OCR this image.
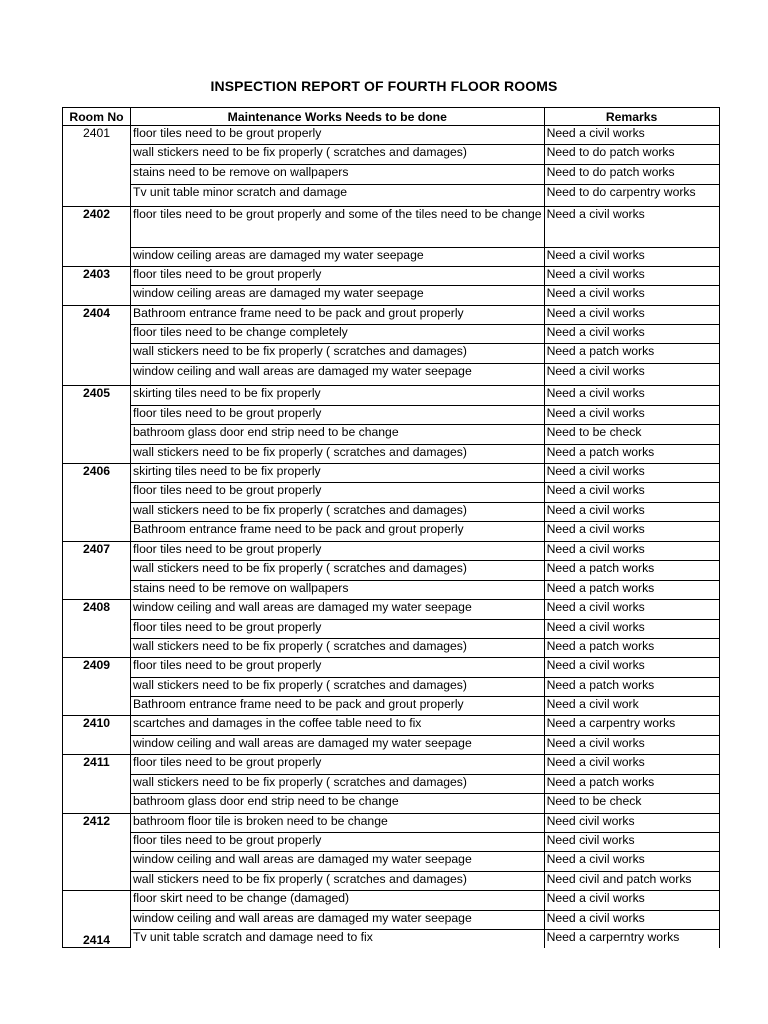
INSPECTION REPORT OF FOURTH FLOOR ROOMS
Room No	Maintenance Works Needs to be done	Remarks
2401	floor tiles need to be grout properly	Need a civil works
	wall stickers need to be fix properly ( scratches and damages)	Need to do patch works
	stains need to be remove on wallpapers	Need to do patch works
	Tv unit table minor scratch and damage	Need to do carpentry works
2402	floor tiles need to be grout properly and some of the tiles need to be change	Need a civil works
	window ceiling areas are damaged my water seepage	Need a civil works
2403	floor tiles need to be grout properly	Need a civil works
	window ceiling areas are damaged my water seepage	Need a civil works
2404	Bathroom entrance frame need to be pack and grout properly	Need a civil works
	floor tiles need to be change completely	Need a civil works
	wall stickers need to be fix properly ( scratches and damages)	Need a patch works
	window ceiling and wall areas are damaged my water seepage	Need a civil works
2405	skirting tiles need to be fix properly	Need a civil works
	floor tiles need to be grout properly	Need a civil works
	bathroom glass door end strip need to be change	Need to be check
	wall stickers need to be fix properly ( scratches and damages)	Need a patch works
2406	skirting tiles need to be fix properly	Need a civil works
	floor tiles need to be grout properly	Need a civil works
	wall stickers need to be fix properly ( scratches and damages)	Need a civil works
	Bathroom entrance frame need to be pack and grout properly	Need a civil works
2407	floor tiles need to be grout properly	Need a civil works
	wall stickers need to be fix properly ( scratches and damages)	Need a patch works
	stains need to be remove on wallpapers	Need a patch works
2408	window ceiling and wall areas are damaged my water seepage	Need a civil works
	floor tiles need to be grout properly	Need a civil works
	wall stickers need to be fix properly ( scratches and damages)	Need a patch works
2409	floor tiles need to be grout properly	Need a civil works
	wall stickers need to be fix properly ( scratches and damages)	Need a patch works
	Bathroom entrance frame need to be pack and grout properly	Need a civil work
2410	scartches and damages in the coffee table need to fix	Need a carpentry works
	window ceiling and wall areas are damaged my water seepage	Need a civil works
2411	floor tiles need to be grout properly	Need a civil works
	wall stickers need to be fix properly ( scratches and damages)	Need a patch works
	bathroom glass door end strip need to be change	Need to be check
2412	bathroom floor tile is broken need to be change	Need civil works
	floor tiles need to be grout properly	Need civil works
	window ceiling and wall areas are damaged my water seepage	Need a civil works
	wall stickers need to be fix properly ( scratches and damages)	Need civil and patch works
2414	floor skirt need to be change (damaged)	Need a civil works
	window ceiling and wall areas are damaged my water seepage	Need a civil works
	Tv unit table scratch and damage need to fix	Need a carperntry works
